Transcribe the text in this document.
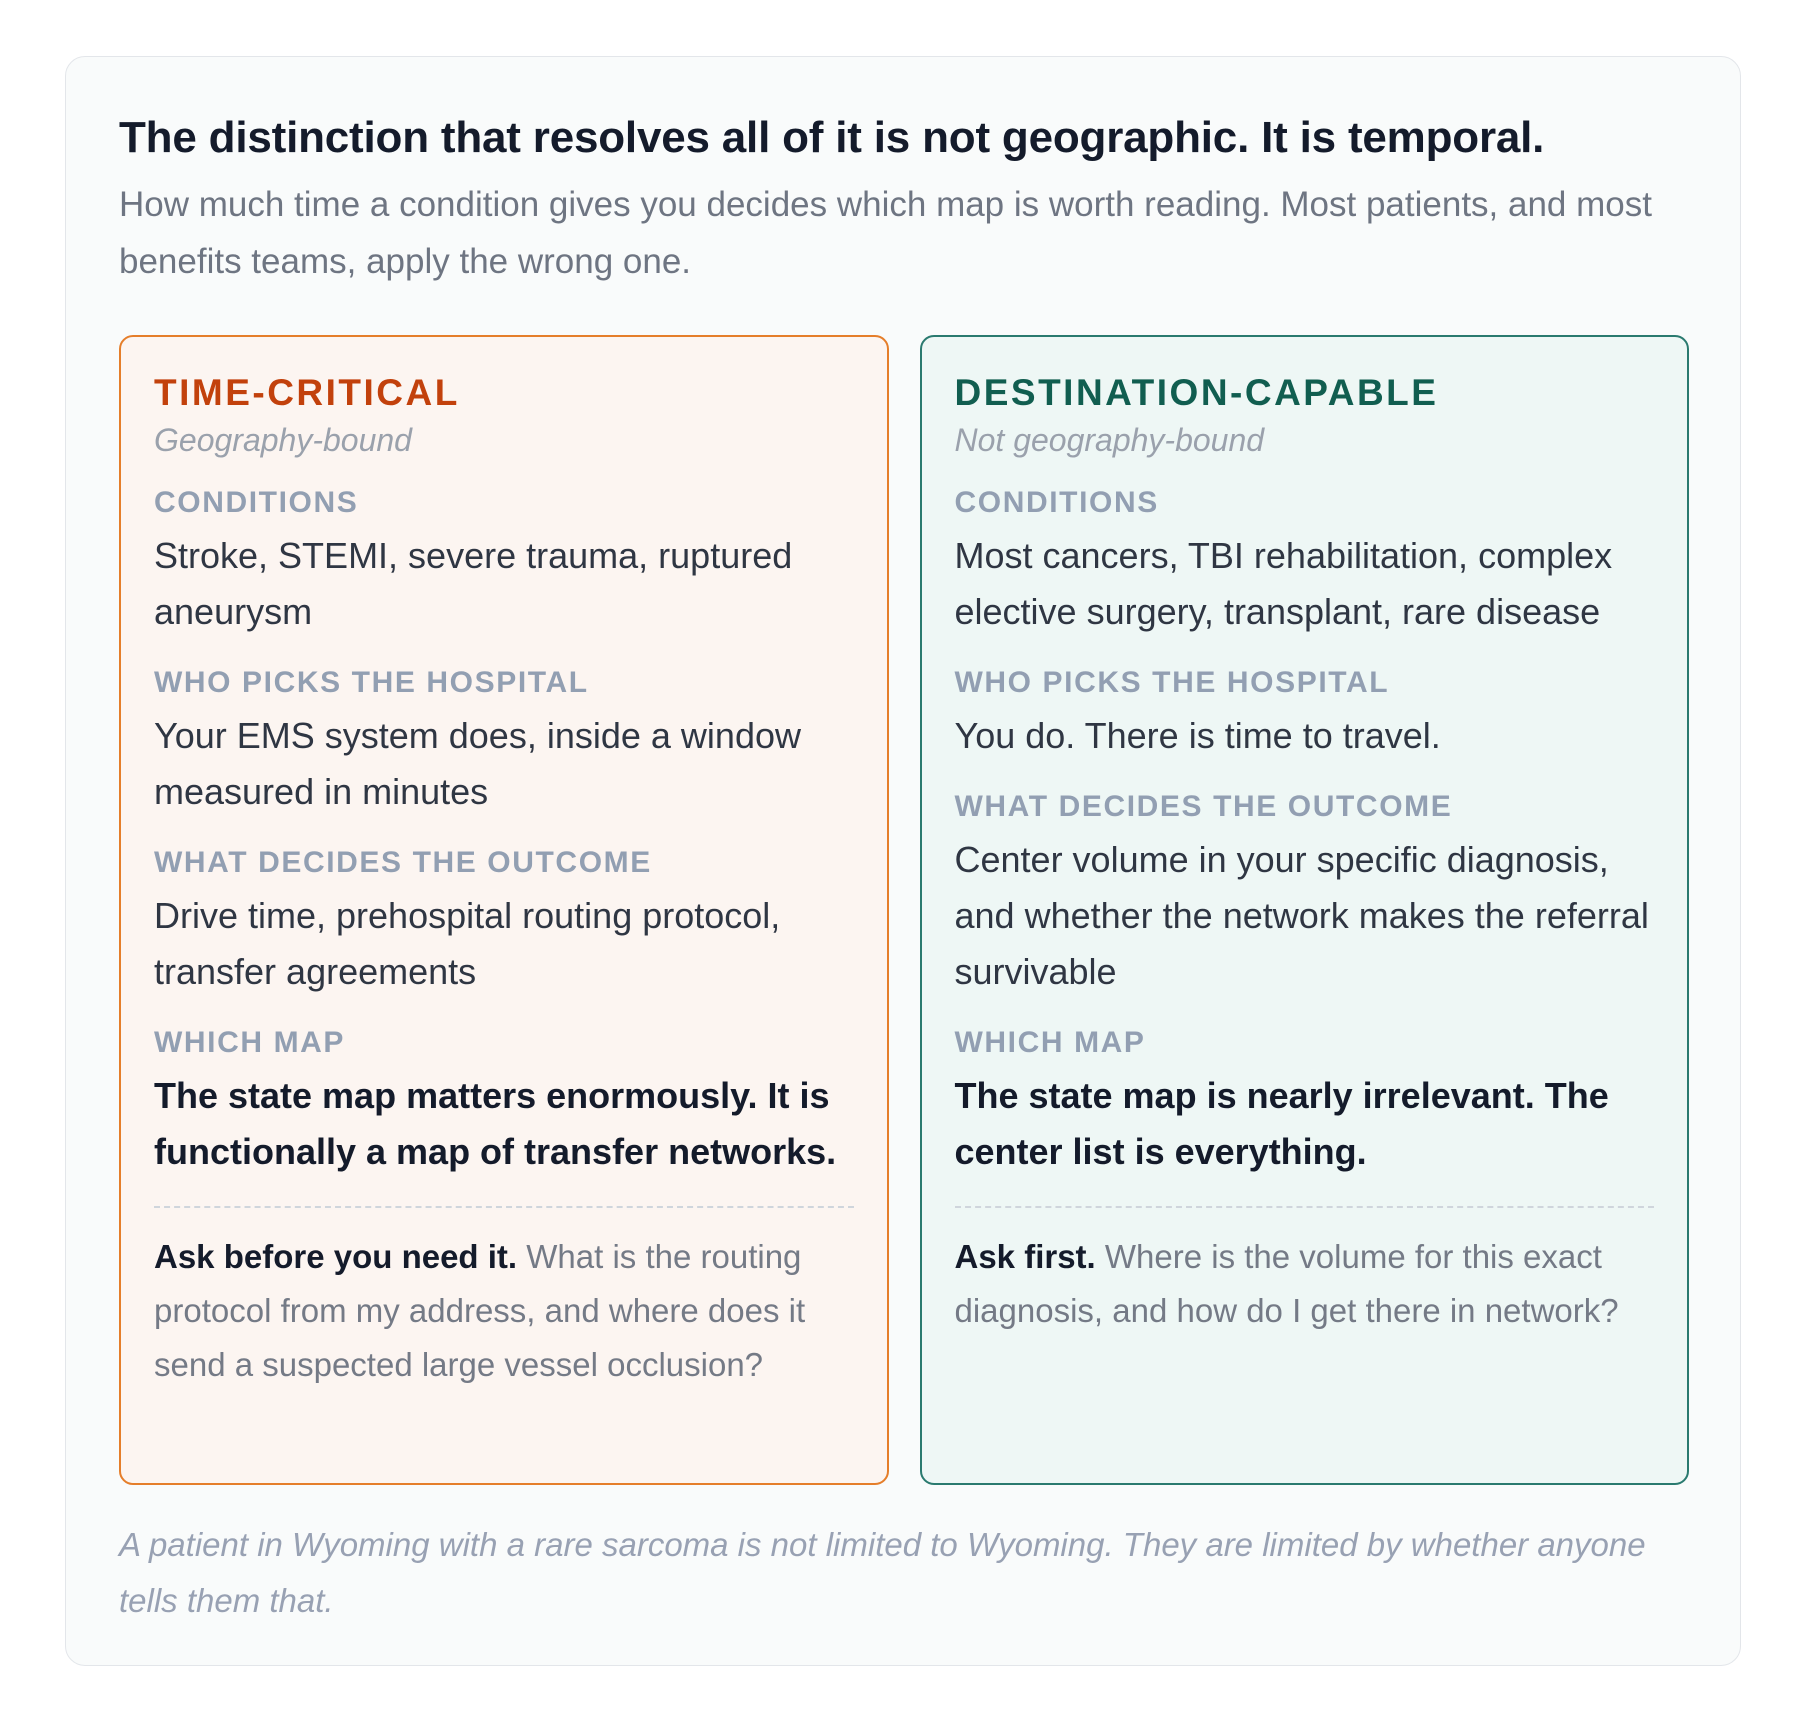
The distinction that resolves all of it is not geographic. It is temporal.

How much time a condition gives you decides which map is worth reading. Most patients, and most benefits teams, apply the wrong one.

TIME-CRITICAL

Geography-bound

CONDITIONS

Stroke, STEMI, severe trauma, ruptured aneurysm

WHO PICKS THE HOSPITAL

Your EMS system does, inside a window measured in minutes

WHAT DECIDES THE OUTCOME

Drive time, prehospital routing protocol, transfer agreements

WHICH MAP

The state map matters enormously. It is functionally a map of transfer networks.

Ask before you need it. What is the routing protocol from my address, and where does it send a suspected large vessel occlusion?

DESTINATION-CAPABLE

Not geography-bound

CONDITIONS

Most cancers, TBI rehabilitation, complex elective surgery, transplant, rare disease

WHO PICKS THE HOSPITAL

You do. There is time to travel.

WHAT DECIDES THE OUTCOME

Center volume in your specific diagnosis, and whether the network makes the referral survivable

WHICH MAP

The state map is nearly irrelevant. The center list is everything.

Ask first. Where is the volume for this exact diagnosis, and how do I get there in network?

A patient in Wyoming with a rare sarcoma is not limited to Wyoming. They are limited by whether anyone tells them that.
